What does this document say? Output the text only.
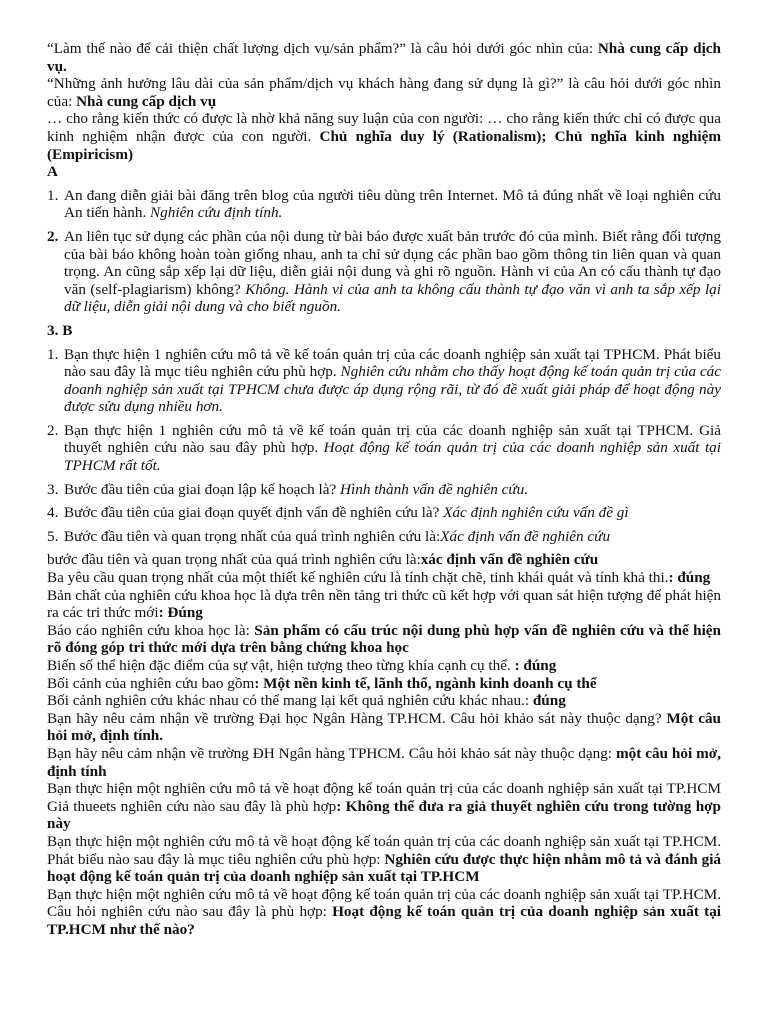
“Làm thế nào để cải thiện chất lượng dịch vụ/sản phẩm?” là câu hỏi dưới góc nhìn của: Nhà cung cấp dịch vụ.

“Những ảnh hưởng lâu dài của sản phẩm/dịch vụ khách hàng đang sử dụng là gì?” là câu hỏi dưới góc nhìn của: Nhà cung cấp dịch vụ

… cho rằng kiến thức có được là nhờ khả năng suy luận của con người: … cho rằng kiến thức chỉ có được qua kinh nghiệm nhận được của con người. Chủ nghĩa duy lý (Rationalism); Chủ nghĩa kinh nghiệm (Empiricism)

A

1. An đang diễn giải bài đăng trên blog của người tiêu dùng trên Internet. Mô tả đúng nhất về loại nghiên cứu An tiến hành. Nghiên cứu định tính.
2. An liên tục sử dụng các phần của nội dung từ bài báo được xuất bản trước đó của mình. Biết rằng đối tượng của bài báo không hoàn toàn giống nhau, anh ta chỉ sử dụng các phần bao gồm thông tin liên quan và quan trọng. An cũng sắp xếp lại dữ liệu, diễn giải nội dung và ghi rõ nguồn. Hành vi của An có cấu thành tự đạo văn (self-plagiarism) không? Không. Hành vi của anh ta không cấu thành tự đạo văn vì anh ta sắp xếp lại dữ liệu, diễn giải nội dung và cho biết nguồn.

3. B

1. Bạn thực hiện 1 nghiên cứu mô tả về kế toán quản trị của các doanh nghiệp sản xuất tại TPHCM. Phát biểu nào sau đây là mục tiêu nghiên cứu phù hợp. Nghiên cứu nhằm cho thấy hoạt động kế toán quản trị của các doanh nghiệp sản xuất tại TPHCM chưa được áp dụng rộng rãi, từ đó đề xuất giải pháp để hoạt động này được sửu dụng nhiều hơn.
2. Bạn thực hiện 1 nghiên cứu mô tả về kế toán quản trị của các doanh nghiệp sản xuất tại TPHCM. Giả thuyết nghiên cứu nào sau đây phù hợp. Hoạt động kế toán quản trị của các doanh nghiệp sản xuất tại TPHCM rất tốt.
3. Bước đầu tiên của giai đoạn lập kế hoạch là? Hình thành vấn đề nghiên cứu.
4. Bước đầu tiên của giai đoạn quyết định vấn đề nghiên cứu là? Xác định nghiên cứu vấn đề gì
5. Bước đầu tiên và quan trọng nhất của quá trình nghiên cứu là:Xác định vấn đề nghiên cứu

bước đầu tiên và quan trọng nhất của quá trình nghiên cứu là:xác định vấn đề nghiên cứu

Ba yêu cầu quan trọng nhất của một thiết kế nghiên cứu là tính chặt chẽ, tinh khái quát và tính khả thi.: đúng

Bản chất của nghiên cứu khoa học là dựa trên nền tảng tri thức cũ kết hợp với quan sát hiện tượng để phát hiện ra các tri thức mới: Đúng

Báo cáo nghiên cứu khoa học là: Sản phẩm có cấu trúc nội dung phù hợp vấn đề nghiên cứu và thể hiện rõ đóng góp tri thức mới dựa trên bằng chứng khoa học

Biến số thể hiện đặc điểm của sự vật, hiện tượng theo từng khía cạnh cụ thể. : đúng

Bối cảnh của nghiên cứu bao gồm: Một nền kinh tế, lãnh thổ, ngành kinh doanh cụ thể

Bối cảnh nghiên cứu khác nhau có thể mang lại kết quả nghiên cứu khác nhau.: đúng

Bạn hãy nêu cảm nhận về trường Đại học Ngân Hàng TP.HCM. Câu hỏi khảo sát này thuộc dạng? Một câu hỏi mở, định tính.

Bạn hãy nêu cảm nhận về trường ĐH Ngân hàng TPHCM. Câu hỏi khảo sát này thuộc dạng: một câu hỏi mở, định tính

Bạn thực hiện một nghiên cứu mô tả về hoạt động kế toán quản trị của các doanh nghiệp sản xuất tại TP.HCM Giả thueets nghiên cứu nào sau đây là phù hợp: Không thể đưa ra giả thuyết nghiên cứu trong tường hợp này

Bạn thực hiện một nghiên cứu mô tả về hoạt động kế toán quản trị của các doanh nghiệp sản xuất tại TP.HCM. Phát biểu nào sau đây là mục tiêu nghiên cứu phù hợp: Nghiên cứu được thực hiện nhằm mô tả và đánh giá hoạt động kế toán quản trị của doanh nghiệp sản xuất tại TP.HCM

Bạn thực hiện một nghiên cứu mô tả về hoạt động kế toán quản trị của các doanh nghiệp sản xuất tại TP.HCM. Câu hỏi nghiên cứu nào sau đây là phù hợp: Hoạt động kế toán quản trị của doanh nghiệp sản xuất tại TP.HCM như thế nào?
